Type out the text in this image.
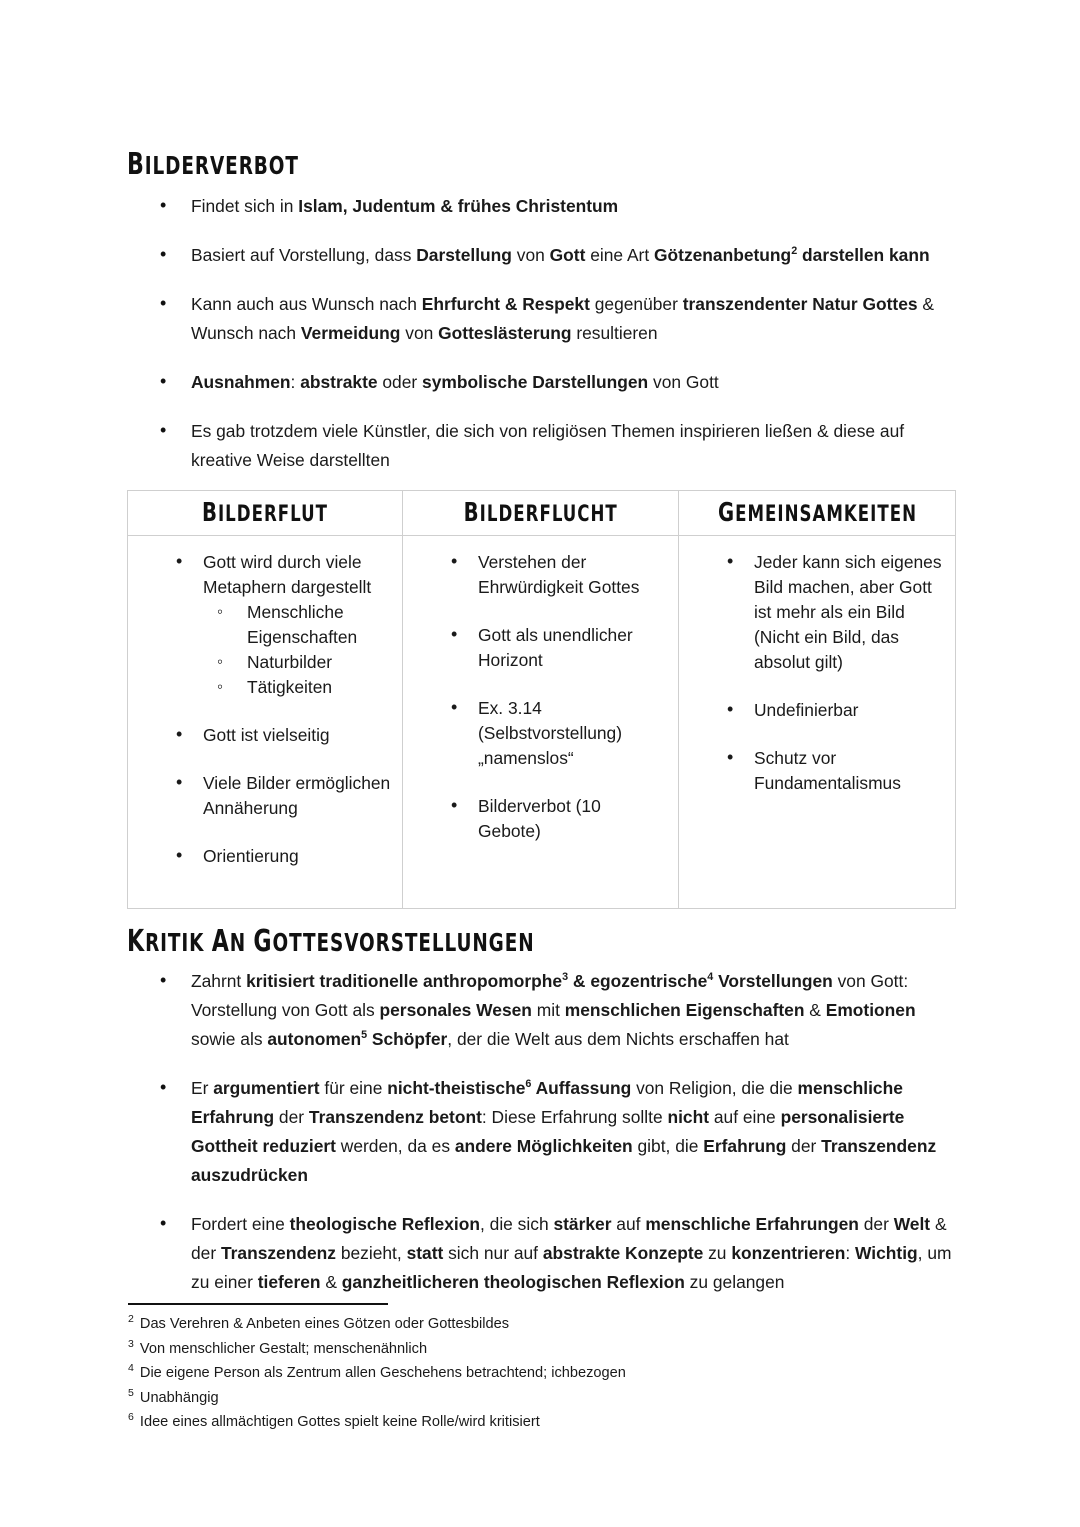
BILDERVERBOT
• Findet sich in Islam, Judentum & frühes Christentum
• Basiert auf Vorstellung, dass Darstellung von Gott eine Art Götzenanbetung$^2$ darstellen kann
• Kann auch aus Wunsch nach Ehrfurcht & Respekt gegenüber transzendenter Natur Gottes & Wunsch nach Vermeidung von Gotteslästerung resultieren
• Ausnahmen: abstrakte oder symbolische Darstellungen von Gott
• Es gab trotzdem viele Künstler, die sich von religiösen Themen inspirieren ließen & diese auf kreative Weise darstellten
BILDERFLUT	BILDERFLUCHT	GEMEINSAMKEITEN

• Gott wird durch viele Metaphern dargestellt
◦ Menschliche Eigenschaften
◦ Naturbilder
◦ Tätigkeiten
• Gott ist vielseitig
• Viele Bilder ermöglichen Annäherung
• Orientierung

• Verstehen der Ehrwürdigkeit Gottes
• Gott als unendlicher Horizont
• Ex. 3.14 (Selbstvorstellung) „namenslos“
• Bilderverbot (10 Gebote)

• Jeder kann sich eigenes Bild machen, aber Gott ist mehr als ein Bild (Nicht ein Bild, das absolut gilt)
• Undefinierbar
• Schutz vor Fundamentalismus
KRITIK AN GOTTESVORSTELLUNGEN
• Zahrnt kritisiert traditionelle anthropomorphe$^3$ & egozentrische$^4$ Vorstellungen von Gott: Vorstellung von Gott als personales Wesen mit menschlichen Eigenschaften & Emotionen sowie als autonomen$^5$ Schöpfer, der die Welt aus dem Nichts erschaffen hat
• Er argumentiert für eine nicht-theistische$^6$ Auffassung von Religion, die die menschliche Erfahrung der Transzendenz betont: Diese Erfahrung sollte nicht auf eine personalisierte Gottheit reduziert werden, da es andere Möglichkeiten gibt, die Erfahrung der Transzendenz auszudrücken
• Fordert eine theologische Reflexion, die sich stärker auf menschliche Erfahrungen der Welt & der Transzendenz bezieht, statt sich nur auf abstrakte Konzepte zu konzentrieren: Wichtig, um zu einer tieferen & ganzheitlicheren theologischen Reflexion zu gelangen
$^2$ Das Verehren & Anbeten eines Götzen oder Gottesbildes
$^3$ Von menschlicher Gestalt; menschenähnlich
$^4$ Die eigene Person als Zentrum allen Geschehens betrachtend; ichbezogen
$^5$ Unabhängig
$^6$ Idee eines allmächtigen Gottes spielt keine Rolle/wird kritisiert
